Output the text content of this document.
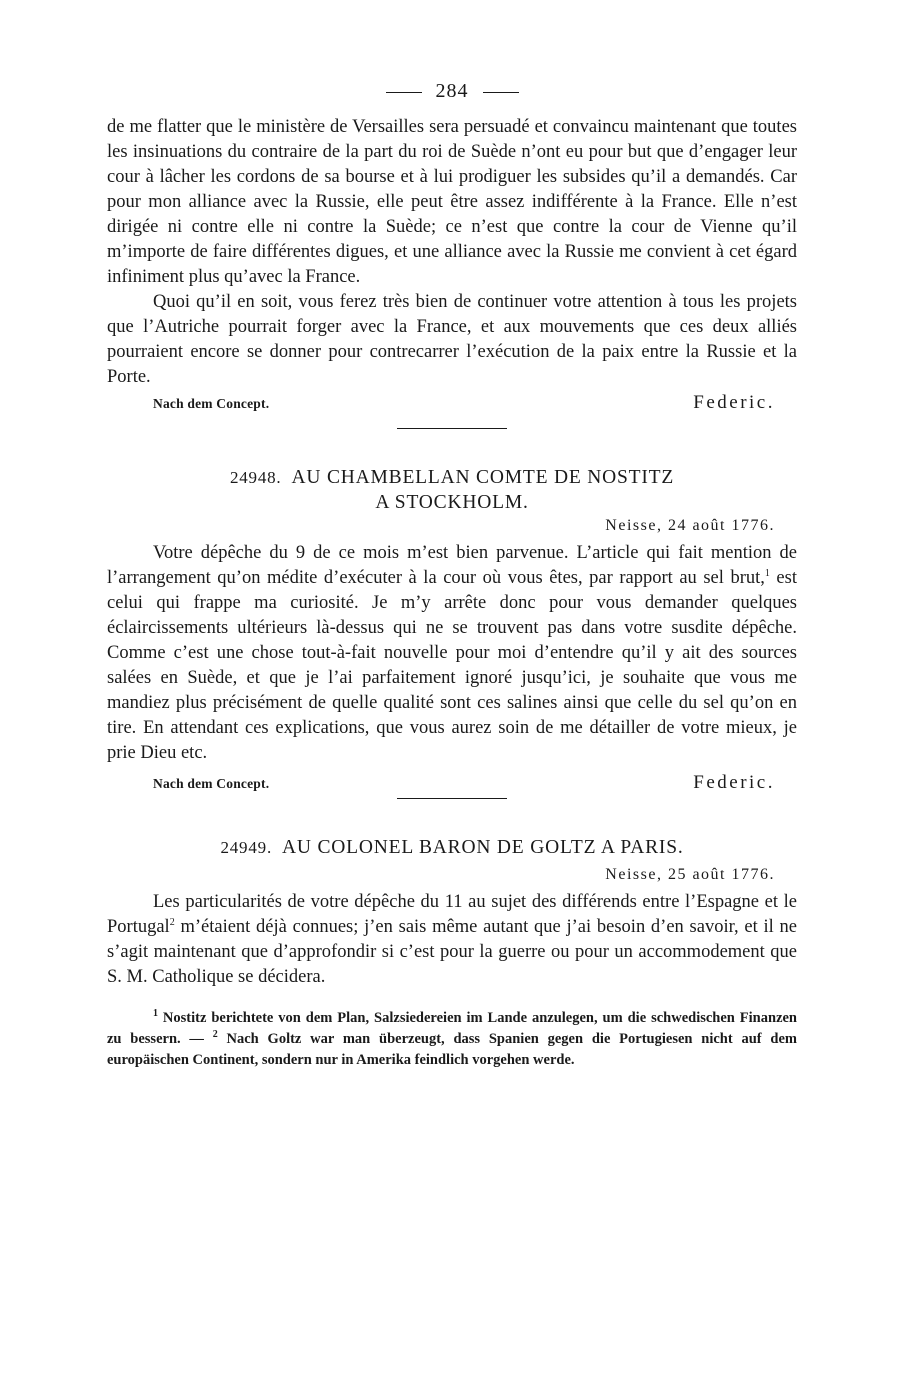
284

de me flatter que le ministère de Versailles sera persuadé et convaincu maintenant que toutes les insinuations du contraire de la part du roi de Suède n’ont eu pour but que d’engager leur cour à lâcher les cordons de sa bourse et à lui prodiguer les subsides qu’il a demandés. Car pour mon alliance avec la Russie, elle peut être assez indifférente à la France. Elle n’est dirigée ni contre elle ni contre la Suède; ce n’est que contre la cour de Vienne qu’il m’importe de faire différentes digues, et une alliance avec la Russie me convient à cet égard infiniment plus qu’avec la France.

Quoi qu’il en soit, vous ferez très bien de continuer votre attention à tous les projets que l’Autriche pourrait forger avec la France, et aux mouvements que ces deux alliés pourraient encore se donner pour contrecarrer l’exécution de la paix entre la Russie et la Porte.

Nach dem Concept.	Federic.
24948. AU CHAMBELLAN COMTE DE NOSTITZ
A STOCKHOLM.
Neisse, 24 août 1776.

Votre dépêche du 9 de ce mois m’est bien parvenue. L’article qui fait mention de l’arrangement qu’on médite d’exécuter à la cour où vous êtes, par rapport au sel brut,$^1$ est celui qui frappe ma curiosité. Je m’y arrête donc pour vous demander quelques éclaircissements ultérieurs là-dessus qui ne se trouvent pas dans votre susdite dépêche. Comme c’est une chose tout-à-fait nouvelle pour moi d’entendre qu’il y ait des sources salées en Suède, et que je l’ai parfaitement ignoré jusqu’ici, je souhaite que vous me mandiez plus précisément de quelle qualité sont ces salines ainsi que celle du sel qu’on en tire. En attendant ces explications, que vous aurez soin de me détailler de votre mieux, je prie Dieu etc.

Nach dem Concept.	Federic.
24949. AU COLONEL BARON DE GOLTZ A PARIS.
Neisse, 25 août 1776.

Les particularités de votre dépêche du 11 au sujet des différends entre l’Espagne et le Portugal$^2$ m’étaient déjà connues; j’en sais même autant que j’ai besoin d’en savoir, et il ne s’agit maintenant que d’approfondir si c’est pour la guerre ou pour un accommodement que S. M. Catholique se décidera.

$^1$ Nostitz berichtete von dem Plan, Salzsiedereien im Lande anzulegen, um die schwedischen Finanzen zu bessern. — $^2$ Nach Goltz war man überzeugt, dass Spanien gegen die Portugiesen nicht auf dem europäischen Continent, sondern nur in Amerika feindlich vorgehen werde.
